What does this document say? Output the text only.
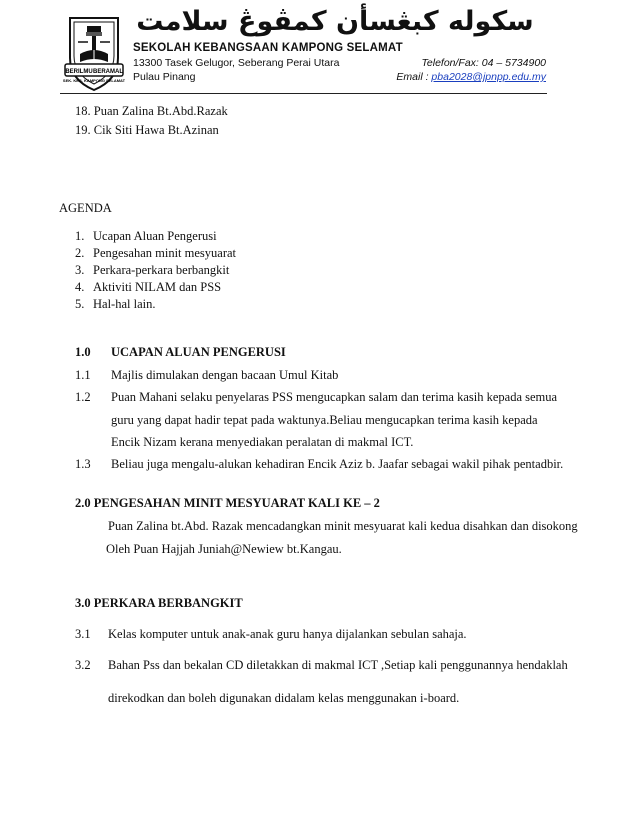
BERILMU BERAMAL
SEK. KEB. KAMPONG SELAMAT
سکوله کبڠسأن کمڤوڠ سلامت
SEKOLAH KEBANGSAAN KAMPONG SELAMAT
13300 Tasek Gelugor, Seberang Perai Utara
Pulau Pinang
Telefon/Fax: 04 – 5734900
Email : pba2028@jpnpp.edu.my
18. Puan Zalina Bt.Abd.Razak
19. Cik Siti Hawa Bt.Azinan
AGENDA
1. Ucapan Aluan Pengerusi
2. Pengesahan minit mesyuarat
3. Perkara-perkara berbangkit
4. Aktiviti NILAM dan PSS
5. Hal-hal lain.
1.0 UCAPAN ALUAN PENGERUSI
1.1 Majlis dimulakan dengan bacaan Umul Kitab
1.2 Puan Mahani selaku penyelaras PSS mengucapkan salam dan terima kasih kepada semua
guru yang dapat hadir tepat pada waktunya.Beliau mengucapkan terima kasih kepada
Encik Nizam kerana menyediakan peralatan di makmal ICT.
1.3 Beliau juga mengalu-alukan kehadiran Encik Aziz b. Jaafar sebagai wakil pihak pentadbir.
2.0 PENGESAHAN MINIT MESYUARAT KALI KE – 2
Puan Zalina bt.Abd. Razak mencadangkan minit mesyuarat kali kedua disahkan dan disokong
Oleh Puan Hajjah Juniah@Newiew bt.Kangau.
3.0 PERKARA BERBANGKIT
3.1 Kelas komputer untuk anak-anak guru hanya dijalankan sebulan sahaja.
3.2 Bahan Pss dan bekalan CD diletakkan di makmal ICT ,Setiap kali penggunannya hendaklah
direkodkan dan boleh digunakan didalam kelas menggunakan i-board.
